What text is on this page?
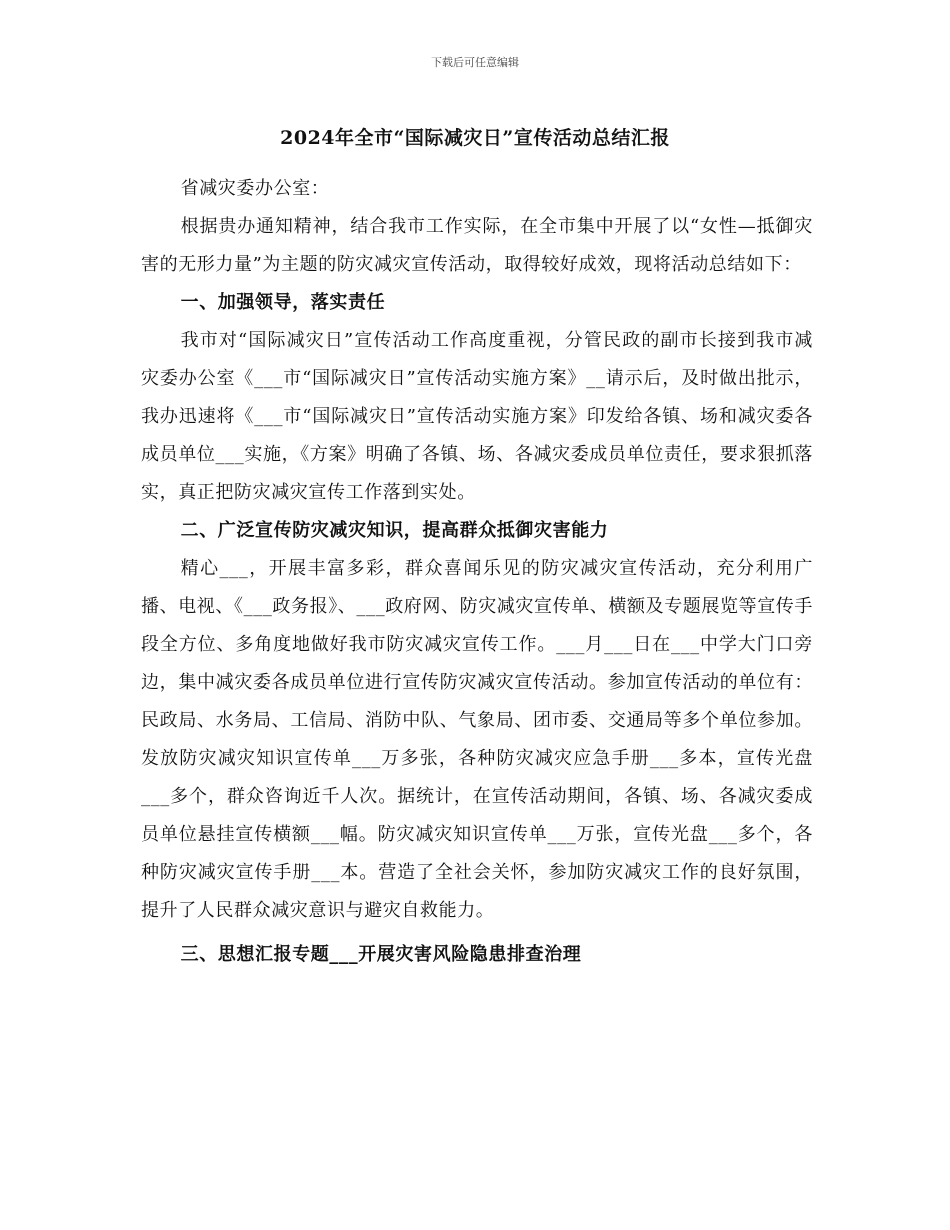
下载后可任意编辑
2024年全市“国际减灾日”宣传活动总结汇报

省减灾委办公室：

根据贵办通知精神，结合我市工作实际，在全市集中开展了以“女性—抵御灾害的无形力量”为主题的防灾减灾宣传活动，取得较好成效，现将活动总结如下：

一、加强领导，落实责任

我市对“国际减灾日”宣传活动工作高度重视，分管民政的副市长接到我市减灾委办公室《___市“国际减灾日”宣传活动实施方案》__请示后，及时做出批示，我办迅速将《___市“国际减灾日”宣传活动实施方案》印发给各镇、场和减灾委各成员单位___实施，《方案》明确了各镇、场、各减灾委成员单位责任，要求狠抓落实，真正把防灾减灾宣传工作落到实处。

二、广泛宣传防灾减灾知识，提高群众抵御灾害能力

精心___，开展丰富多彩，群众喜闻乐见的防灾减灾宣传活动，充分利用广播、电视、《___政务报》、___政府网、防灾减灾宣传单、横额及专题展览等宣传手段全方位、多角度地做好我市防灾减灾宣传工作。___月___日在___中学大门口旁边，集中减灾委各成员单位进行宣传防灾减灾宣传活动。参加宣传活动的单位有：民政局、水务局、工信局、消防中队、气象局、团市委、交通局等多个单位参加。发放防灾减灾知识宣传单___万多张，各种防灾减灾应急手册___多本，宣传光盘___多个，群众咨询近千人次。据统计，在宣传活动期间，各镇、场、各减灾委成员单位悬挂宣传横额___幅。防灾减灾知识宣传单___万张，宣传光盘___多个，各种防灾减灾宣传手册___本。营造了全社会关怀，参加防灾减灾工作的良好氛围，提升了人民群众减灾意识与避灾自救能力。

三、思想汇报专题___开展灾害风险隐患排查治理
